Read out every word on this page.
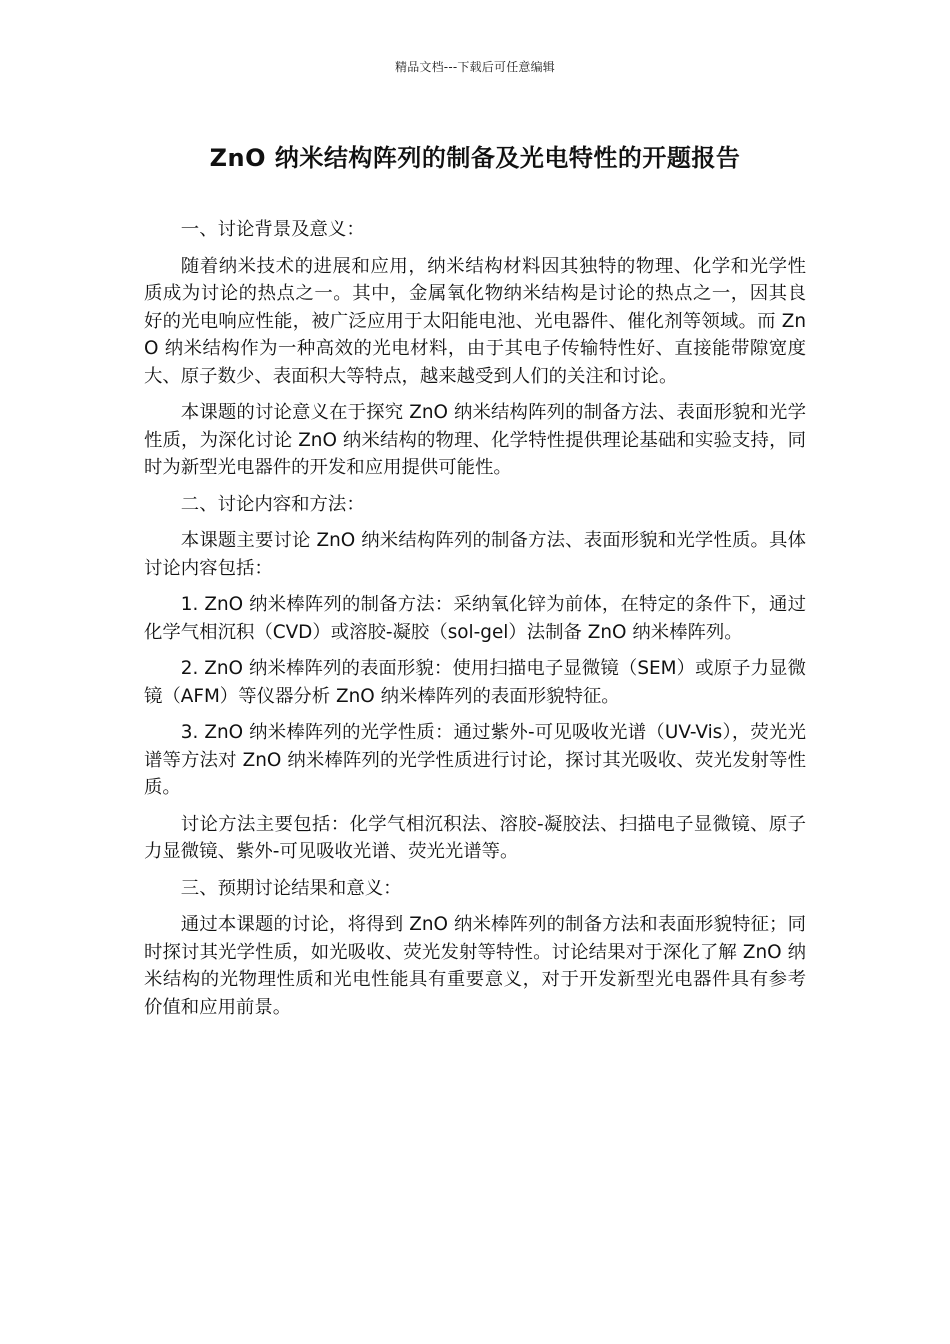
精品文档---下载后可任意编辑
ZnO 纳米结构阵列的制备及光电特性的开题报告

一、讨论背景及意义：

随着纳米技术的进展和应用，纳米结构材料因其独特的物理、化学和光学性质成为讨论的热点之一。其中，金属氧化物纳米结构是讨论的热点之一，因其良好的光电响应性能，被广泛应用于太阳能电池、光电器件、催化剂等领域。而 ZnO 纳米结构作为一种高效的光电材料，由于其电子传输特性好、直接能带隙宽度大、原子数少、表面积大等特点，越来越受到人们的关注和讨论。

本课题的讨论意义在于探究 ZnO 纳米结构阵列的制备方法、表面形貌和光学性质，为深化讨论 ZnO 纳米结构的物理、化学特性提供理论基础和实验支持，同时为新型光电器件的开发和应用提供可能性。

二、讨论内容和方法：

本课题主要讨论 ZnO 纳米结构阵列的制备方法、表面形貌和光学性质。具体讨论内容包括：

1. ZnO 纳米棒阵列的制备方法：采纳氧化锌为前体，在特定的条件下，通过化学气相沉积（CVD）或溶胶-凝胶（sol-gel）法制备 ZnO 纳米棒阵列。

2. ZnO 纳米棒阵列的表面形貌：使用扫描电子显微镜（SEM）或原子力显微镜（AFM）等仪器分析 ZnO 纳米棒阵列的表面形貌特征。

3. ZnO 纳米棒阵列的光学性质：通过紫外-可见吸收光谱（UV-Vis），荧光光谱等方法对 ZnO 纳米棒阵列的光学性质进行讨论，探讨其光吸收、荧光发射等性质。

讨论方法主要包括：化学气相沉积法、溶胶-凝胶法、扫描电子显微镜、原子力显微镜、紫外-可见吸收光谱、荧光光谱等。

三、预期讨论结果和意义：

通过本课题的讨论，将得到 ZnO 纳米棒阵列的制备方法和表面形貌特征；同时探讨其光学性质，如光吸收、荧光发射等特性。讨论结果对于深化了解 ZnO 纳米结构的光物理性质和光电性能具有重要意义，对于开发新型光电器件具有参考价值和应用前景。
